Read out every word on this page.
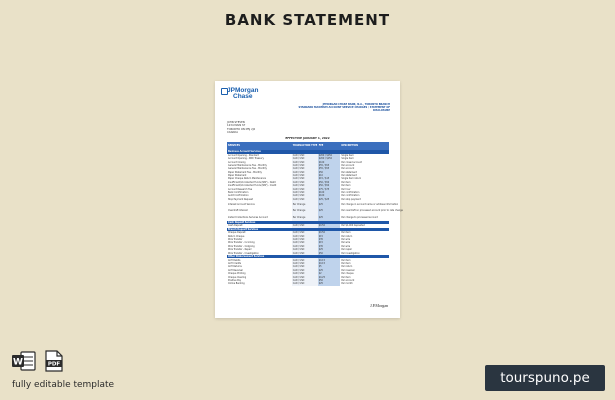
BANK STATEMENT
JPMorgan
Chase
JPMORGAN CHASE BANK, N.A., TORONTO BRANCH
STANDARD MAXIMUM ACCOUNT SERVICE CHARGES / STATEMENT OF DISCLOSURE
JOHN STEVEN
1234 MAIN ST
TORONTO ON M5J 2J2
CANADA
EFFECTIVE JANUARY 1, 2022
SERVICES	TRANSACTION TYPE	FEE	DESCRIPTION
Business Account Services			
Account Opening - Standard	CAD / USD	$200 / $150	Single item
Account Opening - With Treasury	CAD / USD	$200 / $150	Single item
Account Closing	CAD / USD	$100	Per closed account
General Maintenance Fee - Monthly	CAD / USD	$55 / $55	Per account
General Maintenance Fee - Monthly	CAD / USD	$55 / $55	Per account
Paper Statement Fee - Monthly	CAD / USD	$50	Per statement
Paper Statement	CAD / USD	$10	Per statement
Paper Cheque Return Maintenance	CAD / USD	$15 / $15	Single item return
Insufficient/Uncollected Funds (NSF) - Debit	CAD / USD	$50 / $50	Per item
Insufficient/Uncollected Funds (NSF) - Credit	CAD / USD	$50 / $50	Per item
Account Research Fee	CAD / USD	$75 / $75	Per hour
Bank Confirmation	CAD / USD	$100	Per confirmation
Audit Confirmation	CAD / USD	$100	Per confirmation
Stop Payment Request	CAD / USD	$25 / $25	Per stop payment
Interest Account Service	Per Change	$25	Per change in account name or address information
Overdraft Interest	Per Change	$25	Per overdraft on processed account prior to rate change
Instant Collections Services Account	Per Change	$25	Per change to processed account
Cash Deposit Services			
Cash Deposit	CAD / USD	$0.50	Per $1,000 deposited
Branch Deposit Services			
Cheque Deposit	CAD / USD	$0.50	Per item
Return Cheque	CAD / USD	$15	Per return
Wire Transfer	CAD / USD	$35	Per wire
Wire Transfer - Incoming	CAD / USD	$15	Per wire
Wire Transfer - Outgoing	CAD / USD	$35	Per wire
Wire Transfer - Repair	CAD / USD	$25	Per repair
Wire Transfer - Investigation	CAD / USD	$50	Per investigation
Other Disbursement Services			
ACH Debits	CAD / USD	$0.15	Per item
ACH Credits	CAD / USD	$0.15	Per item
ACH Returns	CAD / USD	$5	Per return
ACH Reversal	CAD / USD	$25	Per reversal
Cheque Printing	CAD / USD	$2	Per cheque
Cheque Clearing	CAD / USD	$0.25	Per item
Positive Pay	CAD / USD	$50	Per account
Online Banking	CAD / USD	$25	Per month
J.P.Morgan
W	PDF
fully editable template	tourspuno.pe
